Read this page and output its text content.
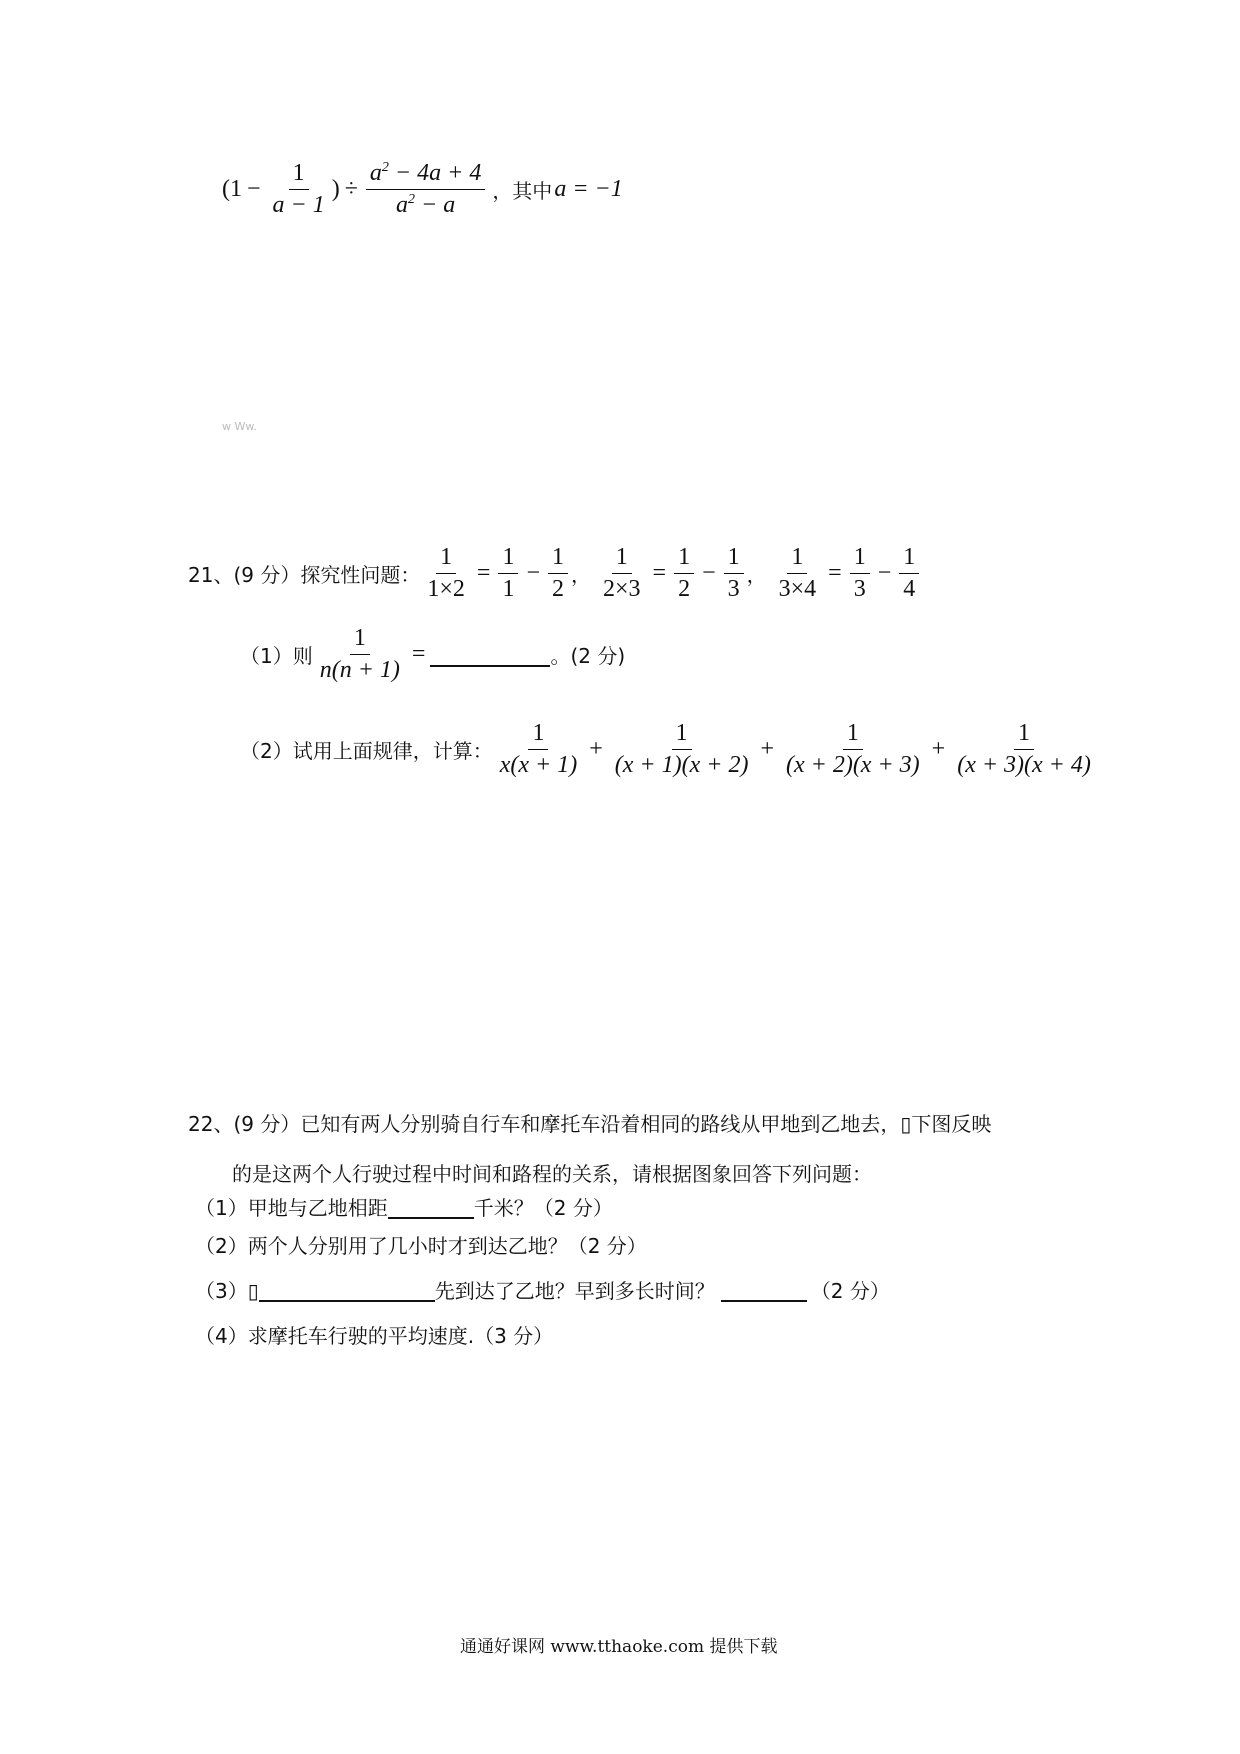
($1 - \frac{1}{a - 1}$ ) ÷ $\frac{a^2 - 4a + 4}{a^2 - a}$ ，其中 a = −1
w Ww.
21、(9 分）探究性问题： $\frac{1}{1\times 2} = \frac{1}{1} - \frac{1}{2}$ ， $\frac{1}{2\times 3} = \frac{1}{2} - \frac{1}{3}$ ， $\frac{1}{3\times 4} = \frac{1}{3} - \frac{1}{4}$
（1）则 $\frac{1}{n(n + 1)}$ =	。(2 分)
（2）试用上面规律，计算： $\frac{1}{x(x + 1)} + \frac{1}{(x + 1)(x + 2)} + \frac{1}{(x + 2)(x + 3)} + \frac{1}{(x + 3)(x + 4)}$
22、(9 分）已知有两人分别骑自行车和摩托车沿着相同的路线从甲地到乙地去，▯下图反映
的是这两个人行驶过程中时间和路程的关系，请根据图象回答下列问题：
（1）甲地与乙地相距	千米？（2 分）
（2）两个人分别用了几小时才到达乙地？（2 分）
（3）▯	先到达了乙地？早到多长时间？	（2 分）
（4）求摩托车行驶的平均速度.（3 分）
通通好课网 www.tthaoke.com 提供下载
